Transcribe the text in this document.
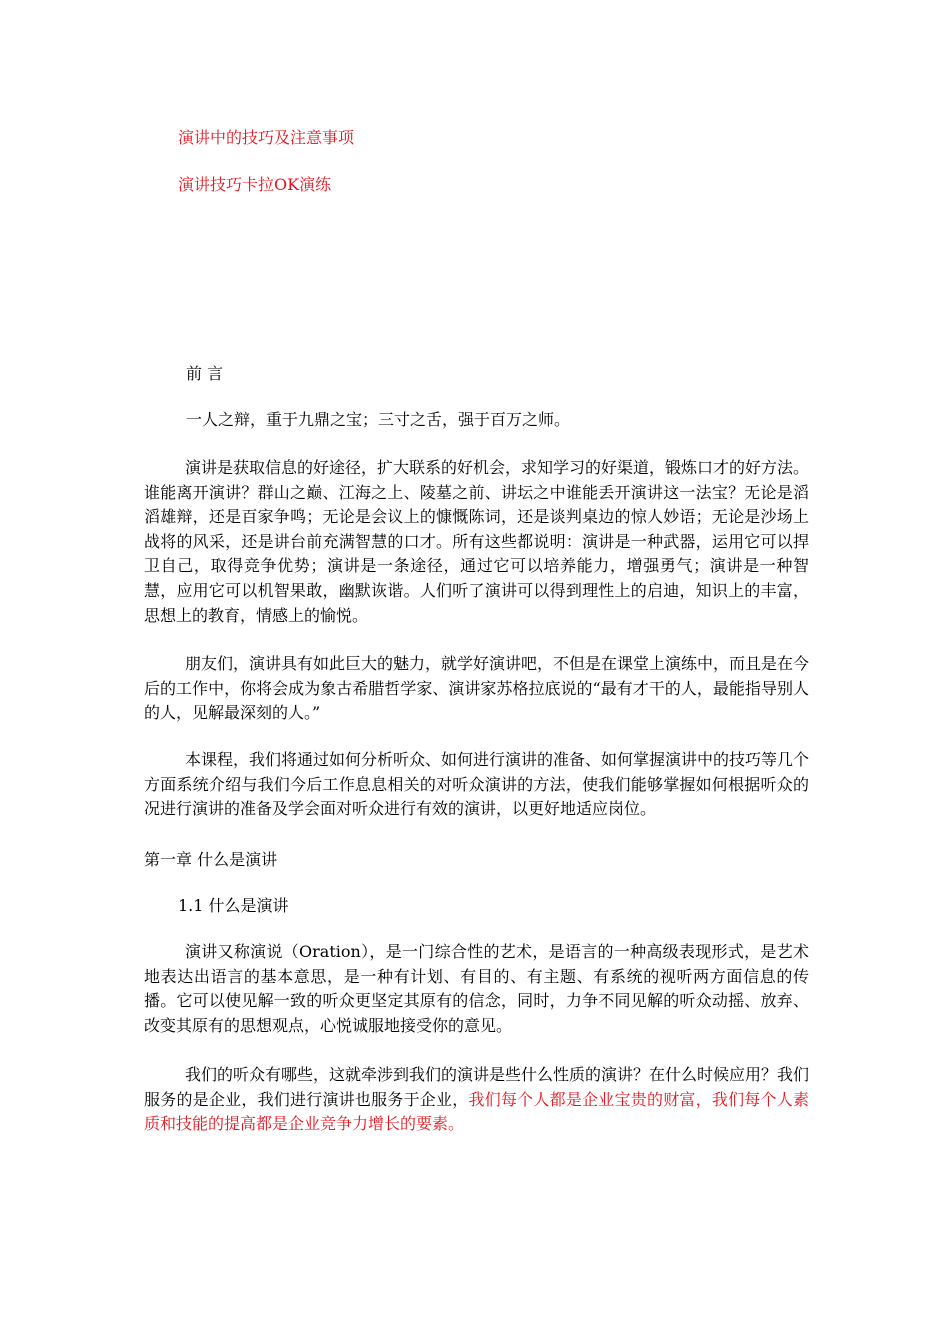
演讲中的技巧及注意事项
演讲技巧卡拉OK演练
前 言
一人之辩，重于九鼎之宝；三寸之舌，强于百万之师。
演讲是获取信息的好途径，扩大联系的好机会，求知学习的好渠道，锻炼口才的好方法。谁能离开演讲？群山之巅、江海之上、陵墓之前、讲坛之中谁能丢开演讲这一法宝？无论是滔滔雄辩，还是百家争鸣；无论是会议上的慷慨陈词，还是谈判桌边的惊人妙语；无论是沙场上战将的风采，还是讲台前充满智慧的口才。所有这些都说明：演讲是一种武器，运用它可以捍卫自己，取得竞争优势；演讲是一条途径，通过它可以培养能力，增强勇气；演讲是一种智慧，应用它可以机智果敢，幽默诙谐。人们听了演讲可以得到理性上的启迪，知识上的丰富，思想上的教育，情感上的愉悦。
朋友们，演讲具有如此巨大的魅力，就学好演讲吧，不但是在课堂上演练中，而且是在今后的工作中，你将会成为象古希腊哲学家、演讲家苏格拉底说的“最有才干的人，最能指导别人的人，见解最深刻的人。”
本课程，我们将通过如何分析听众、如何进行演讲的准备、如何掌握演讲中的技巧等几个方面系统介绍与我们今后工作息息相关的对听众演讲的方法，使我们能够掌握如何根据听众的况进行演讲的准备及学会面对听众进行有效的演讲，以更好地适应岗位。
第一章 什么是演讲
1.1 什么是演讲
演讲又称演说（Oration），是一门综合性的艺术，是语言的一种高级表现形式，是艺术地表达出语言的基本意思，是一种有计划、有目的、有主题、有系统的视听两方面信息的传播。它可以使见解一致的听众更坚定其原有的信念，同时，力争不同见解的听众动摇、放弃、改变其原有的思想观点，心悦诚服地接受你的意见。
我们的听众有哪些，这就牵涉到我们的演讲是些什么性质的演讲？在什么时候应用？我们服务的是企业，我们进行演讲也服务于企业，我们每个人都是企业宝贵的财富，我们每个人素质和技能的提高都是企业竞争力增长的要素。
